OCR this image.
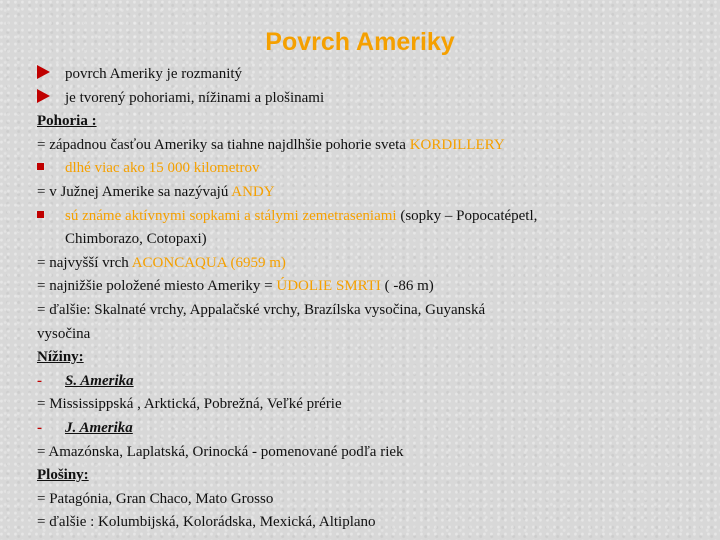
Povrch Ameriky
povrch Ameriky je rozmanitý
je tvorený pohoriami, nížinami a plošinami
Pohoria :
= západnou časťou Ameriky sa tiahne najdlhšie pohorie sveta KORDILLERY
dlhé viac ako 15 000 kilometrov
= v Južnej Amerike sa nazývajú ANDY
sú známe aktívnymi sopkami a stálymi zemetraseniami (sopky – Popocatépetl,
Chimborazo, Cotopaxi)
= najvyšší vrch ACONCAQUA (6959 m)
= najnižšie položené miesto Ameriky = ÚDOLIE SMRTI ( -86 m)
= ďalšie: Skalnaté vrchy, Appalačské vrchy, Brazílska vysočina, Guyanská
vysočina
Nížiny:
- S. Amerika
= Mississippská , Arktická, Pobrežná, Veľké prérie
- J. Amerika
= Amazónska, Laplatská, Orinocká - pomenované podľa riek
Plošiny:
= Patagónia, Gran Chaco, Mato Grosso
= ďalšie : Kolumbijská, Kolorádska, Mexická, Altiplano
